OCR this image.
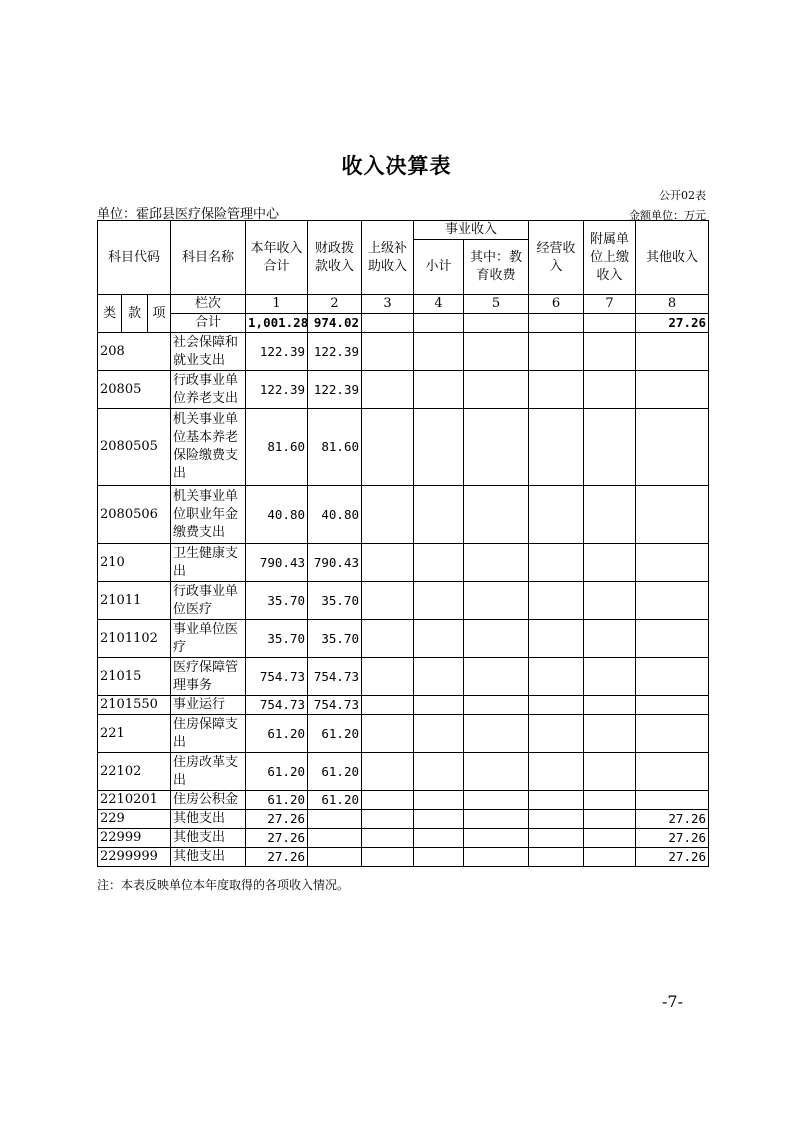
收入决算表
公开02表
单位：霍邱县医疗保险管理中心	金额单位：万元
科目代码			科目名称	本年收入合计	财政拨款收入	上级补助收入	事业收入		经营收入	附属单位上缴收入	其他收入
							小计	其中：教育收费			
类	款	项	栏次	1	2	3	4	5	6	7	8
			合计	1,001.28	974.02						27.26
208			社会保障和就业支出	122.39	122.39						
20805			行政事业单位养老支出	122.39	122.39						
2080505			机关事业单位基本养老保险缴费支出	81.60	81.60						
2080506			机关事业单位职业年金缴费支出	40.80	40.80						
210			卫生健康支出	790.43	790.43						
21011			行政事业单位医疗	35.70	35.70						
2101102			事业单位医疗	35.70	35.70						
21015			医疗保障管理事务	754.73	754.73						
2101550			事业运行	754.73	754.73						
221			住房保障支出	61.20	61.20						
22102			住房改革支出	61.20	61.20						
2210201			住房公积金	61.20	61.20						
229			其他支出	27.26							27.26
22999			其他支出	27.26							27.26
2299999			其他支出	27.26							27.26
注：本表反映单位本年度取得的各项收入情况。
-7-
